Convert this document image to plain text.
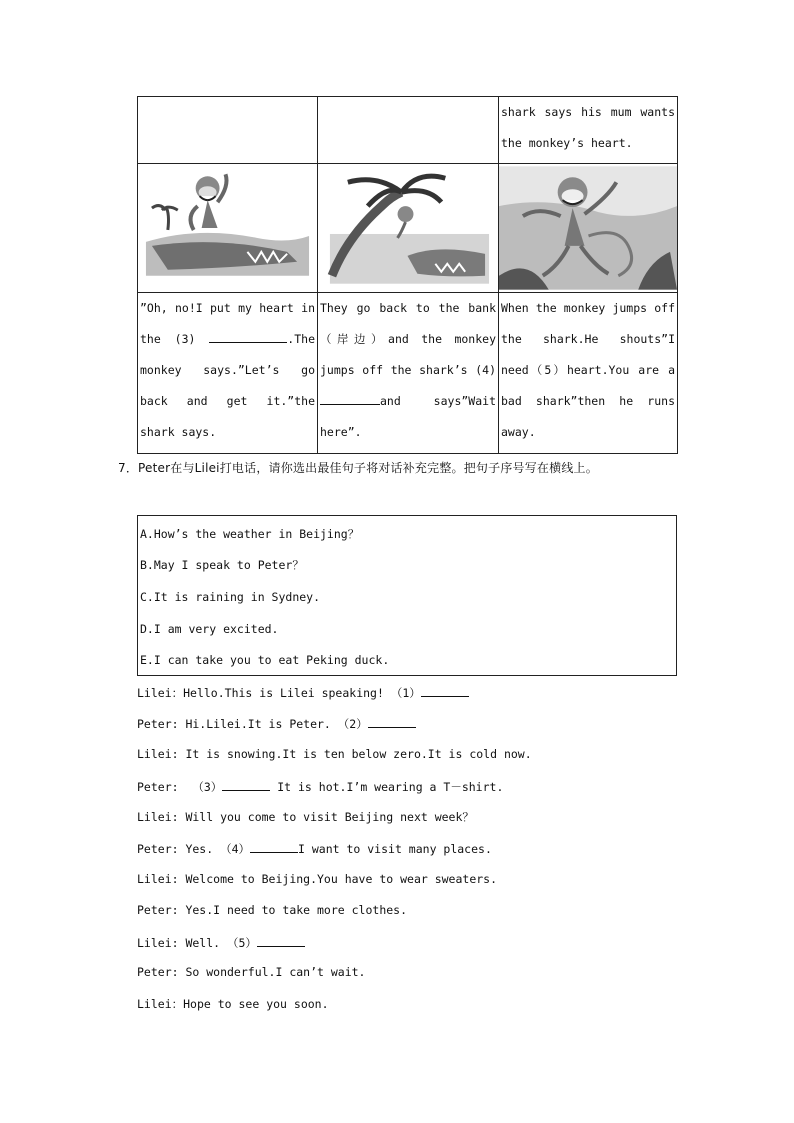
		shark says his mum wants the monkey’s heart.

”Oh, no!I put my heart in the (3) .The monkey says.”Let’s go back and get it.”the shark says.	They go back to the bank（岸边）and the monkey jumps off the shark’s (4) and says”Wait here”.	When the monkey jumps off the shark.He shouts”I need（5）heart.You are a bad shark”then he runs away.
7．Peter在与Lilei打电话，请你选出最佳句子将对话补充完整。把句子序号写在横线上。
A.How’s the weather in Beijing？
B.May I speak to Peter？
C.It is raining in Sydney.
D.I am very excited.
E.I can take you to eat Peking duck.
Lilei：Hello.This is Lilei speaking! （1）
Peter: Hi.Lilei.It is Peter. （2）
Lilei: It is snowing.It is ten below zero.It is cold now.
Peter:  （3）	It is hot.I’m wearing a T－shirt.
Lilei: Will you come to visit Beijing next week？
Peter: Yes. （4）	I want to visit many places.
Lilei: Welcome to Beijing.You have to wear sweaters.
Peter: Yes.I need to take more clothes.
Lilei: Well. （5）
Peter: So wonderful.I can’t wait.
Lilei：Hope to see you soon.
